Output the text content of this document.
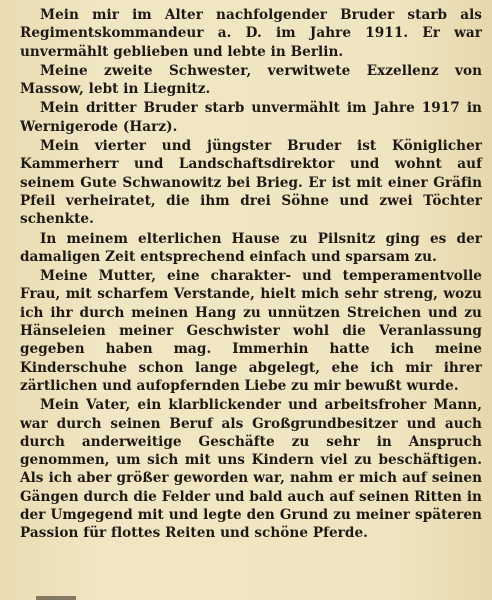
Mein mir im Alter nachfolgender Bruder starb als Regimentskommandeur a. D. im Jahre 1911. Er war unvermählt geblieben und lebte in Berlin.

Meine zweite Schwester, verwitwete Exzellenz von Massow, lebt in Liegnitz.

Mein dritter Bruder starb unvermählt im Jahre 1917 in Wernigerode (Harz).

Mein vierter und jüngster Bruder ist Königlicher Kammerherr und Landschaftsdirektor und wohnt auf seinem Gute Schwanowitz bei Brieg. Er ist mit einer Gräfin Pfeil verheiratet, die ihm drei Söhne und zwei Töchter schenkte.

In meinem elterlichen Hause zu Pilsnitz ging es der damaligen Zeit entsprechend einfach und sparsam zu.

Meine Mutter, eine charakter- und temperamentvolle Frau, mit scharfem Verstande, hielt mich sehr streng, wozu ich ihr durch meinen Hang zu unnützen Streichen und zu Hänseleien meiner Geschwister wohl die Veranlassung gegeben haben mag. Immerhin hatte ich meine Kinderschuhe schon lange abgelegt, ehe ich mir ihrer zärtlichen und aufopfernden Liebe zu mir bewußt wurde.

Mein Vater, ein klarblickender und arbeitsfroher Mann, war durch seinen Beruf als Großgrundbesitzer und auch durch anderweitige Geschäfte zu sehr in Anspruch genommen, um sich mit uns Kindern viel zu beschäftigen. Als ich aber größer geworden war, nahm er mich auf seinen Gängen durch die Felder und bald auch auf seinen Ritten in der Umgegend mit und legte den Grund zu meiner späteren Passion für flottes Reiten und schöne Pferde.
